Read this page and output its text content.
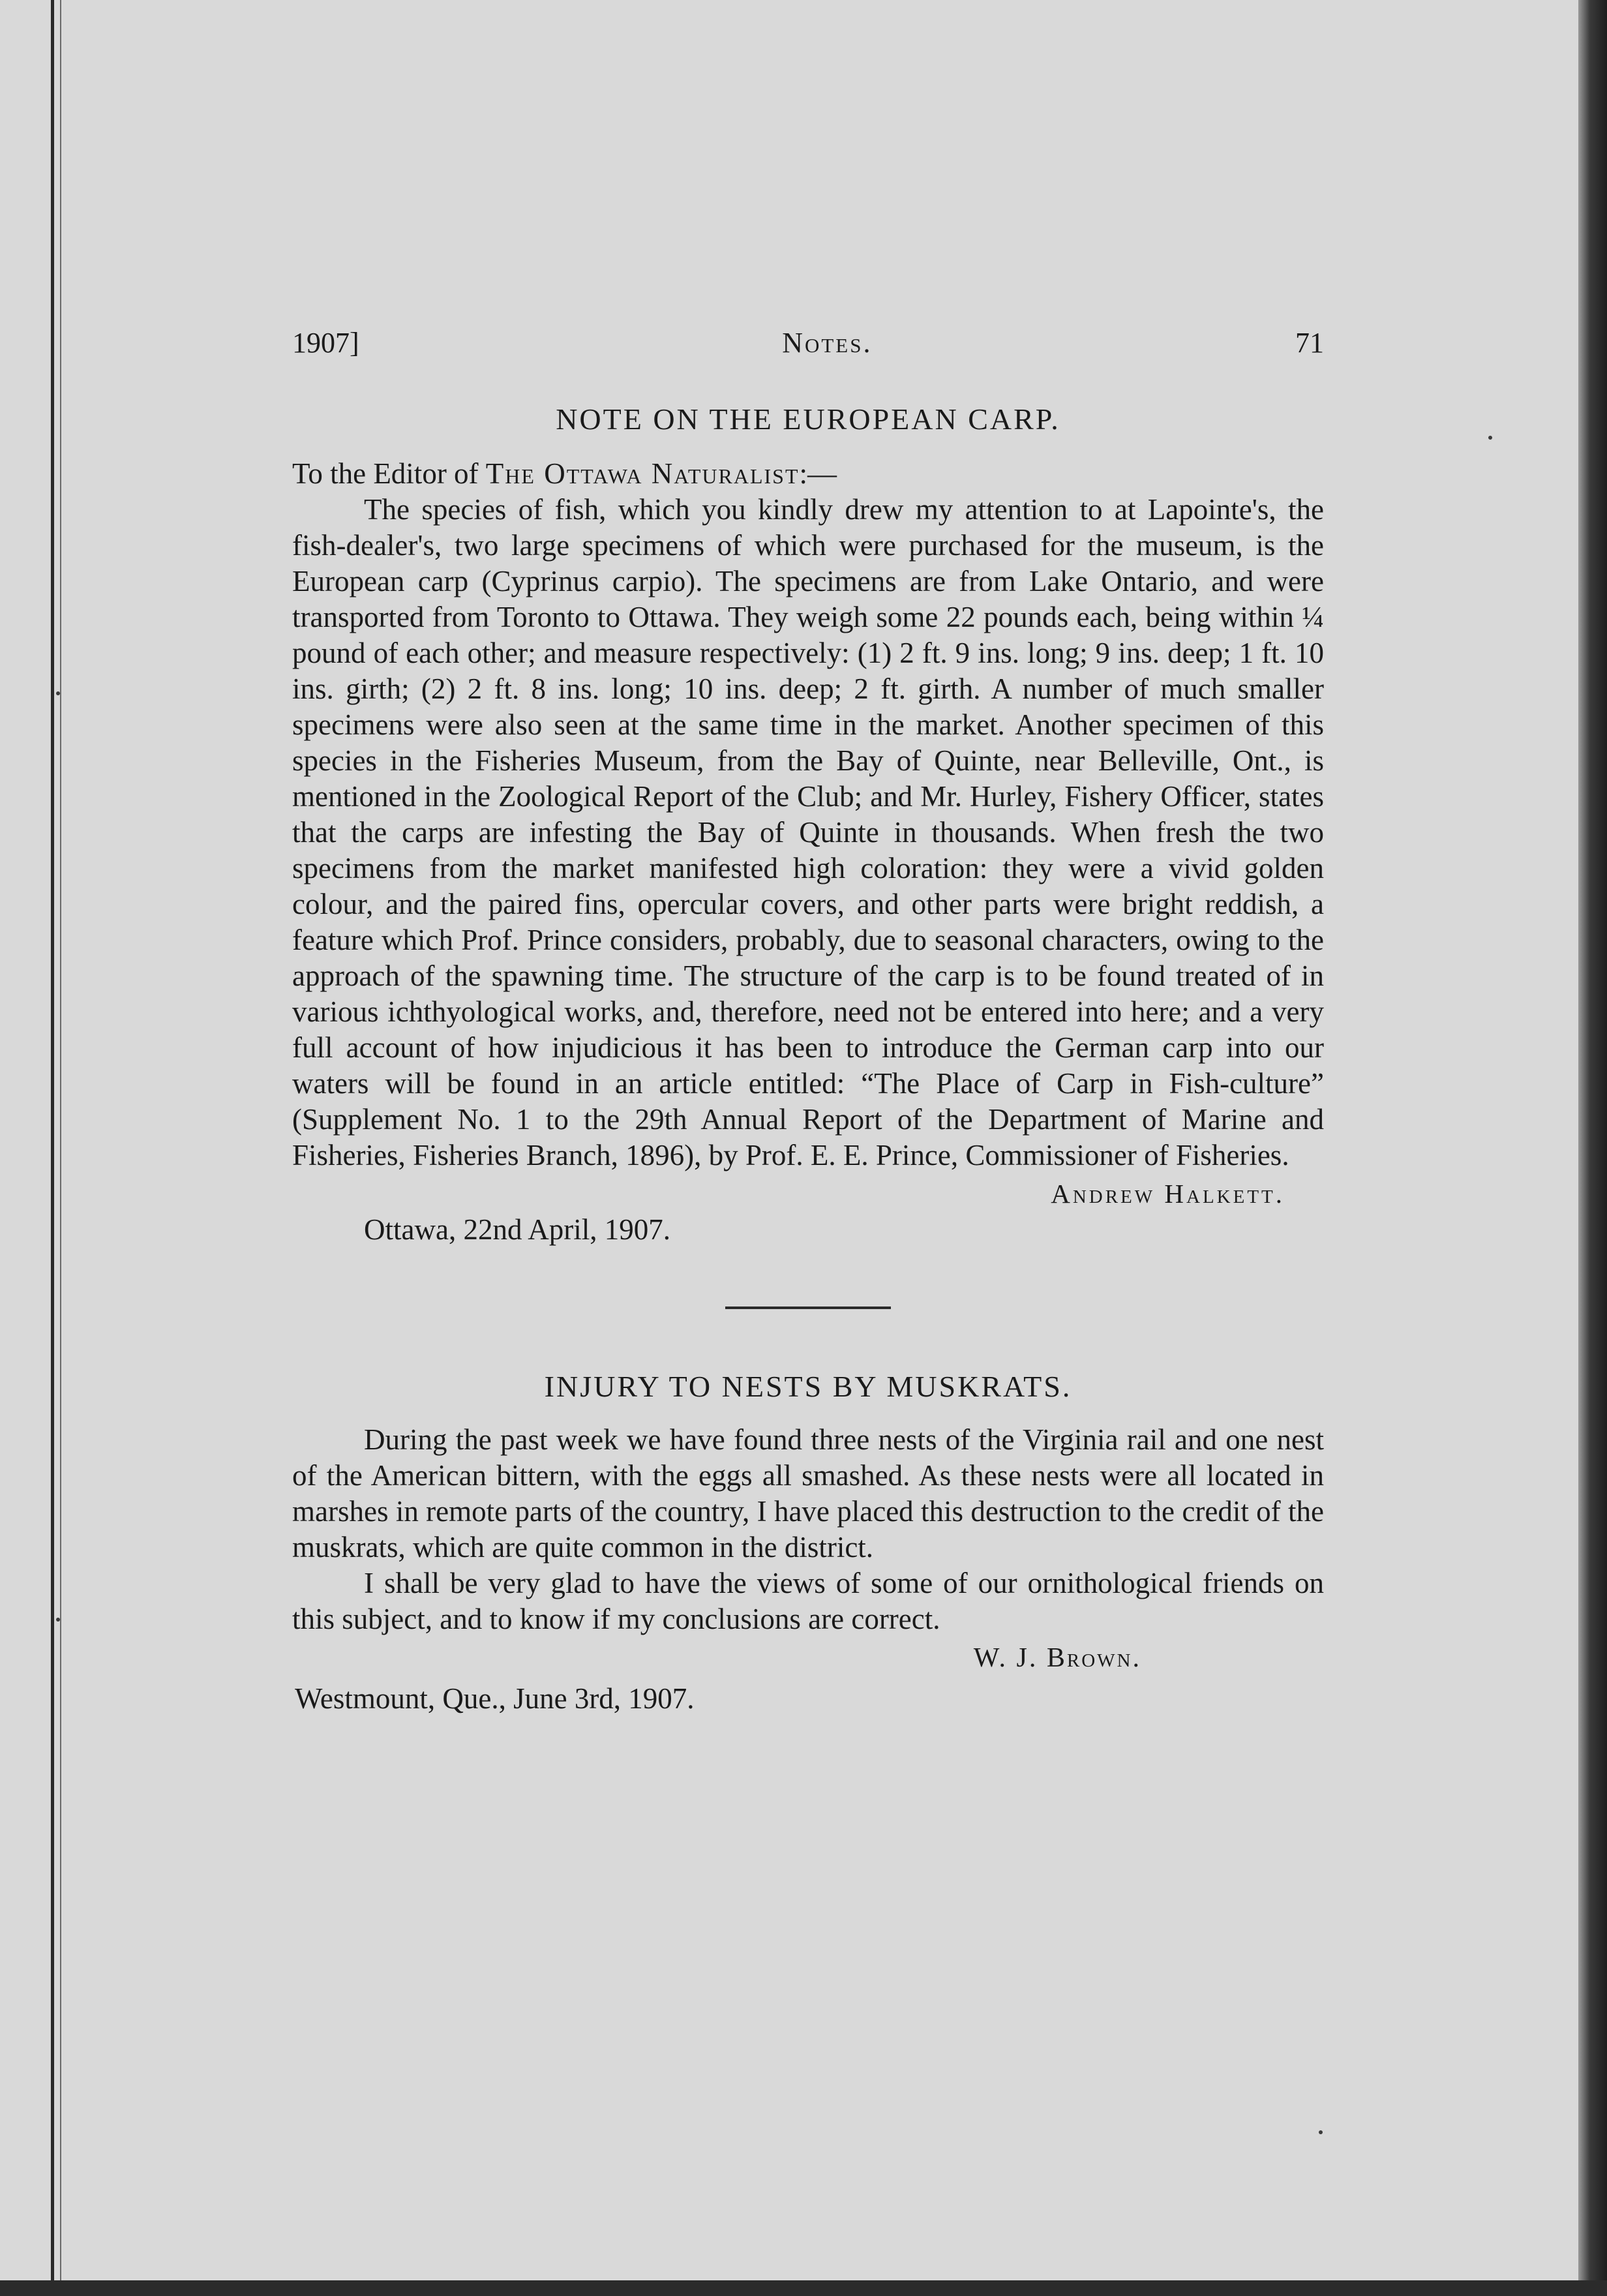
1907]	Notes.	71
NOTE ON THE EUROPEAN CARP.
To the Editor of The Ottawa Naturalist:—

The species of fish, which you kindly drew my attention to at Lapointe's, the fish-dealer's, two large specimens of which were purchased for the museum, is the European carp (Cyprinus carpio). The specimens are from Lake Ontario, and were transported from Toronto to Ottawa. They weigh some 22 pounds each, being within ¼ pound of each other; and measure respectively: (1) 2 ft. 9 ins. long; 9 ins. deep; 1 ft. 10 ins. girth; (2) 2 ft. 8 ins. long; 10 ins. deep; 2 ft. girth. A number of much smaller specimens were also seen at the same time in the market. Another specimen of this species in the Fisheries Museum, from the Bay of Quinte, near Belleville, Ont., is mentioned in the Zoological Report of the Club; and Mr. Hurley, Fishery Officer, states that the carps are infesting the Bay of Quinte in thousands. When fresh the two specimens from the market manifested high coloration: they were a vivid golden colour, and the paired fins, opercular covers, and other parts were bright reddish, a feature which Prof. Prince considers, probably, due to seasonal characters, owing to the approach of the spawning time. The structure of the carp is to be found treated of in various ichthyological works, and, therefore, need not be entered into here; and a very full account of how injudicious it has been to introduce the German carp into our waters will be found in an article entitled: “The Place of Carp in Fish-culture” (Supplement No. 1 to the 29th Annual Report of the Department of Marine and Fisheries, Fisheries Branch, 1896), by Prof. E. E. Prince, Commissioner of Fisheries.

Andrew Halkett.
Ottawa, 22nd April, 1907.
INJURY TO NESTS BY MUSKRATS.

During the past week we have found three nests of the Virginia rail and one nest of the American bittern, with the eggs all smashed. As these nests were all located in marshes in remote parts of the country, I have placed this destruction to the credit of the muskrats, which are quite common in the district.

I shall be very glad to have the views of some of our ornithological friends on this subject, and to know if my conclusions are correct.

W. J. Brown.
Westmount, Que., June 3rd, 1907.
